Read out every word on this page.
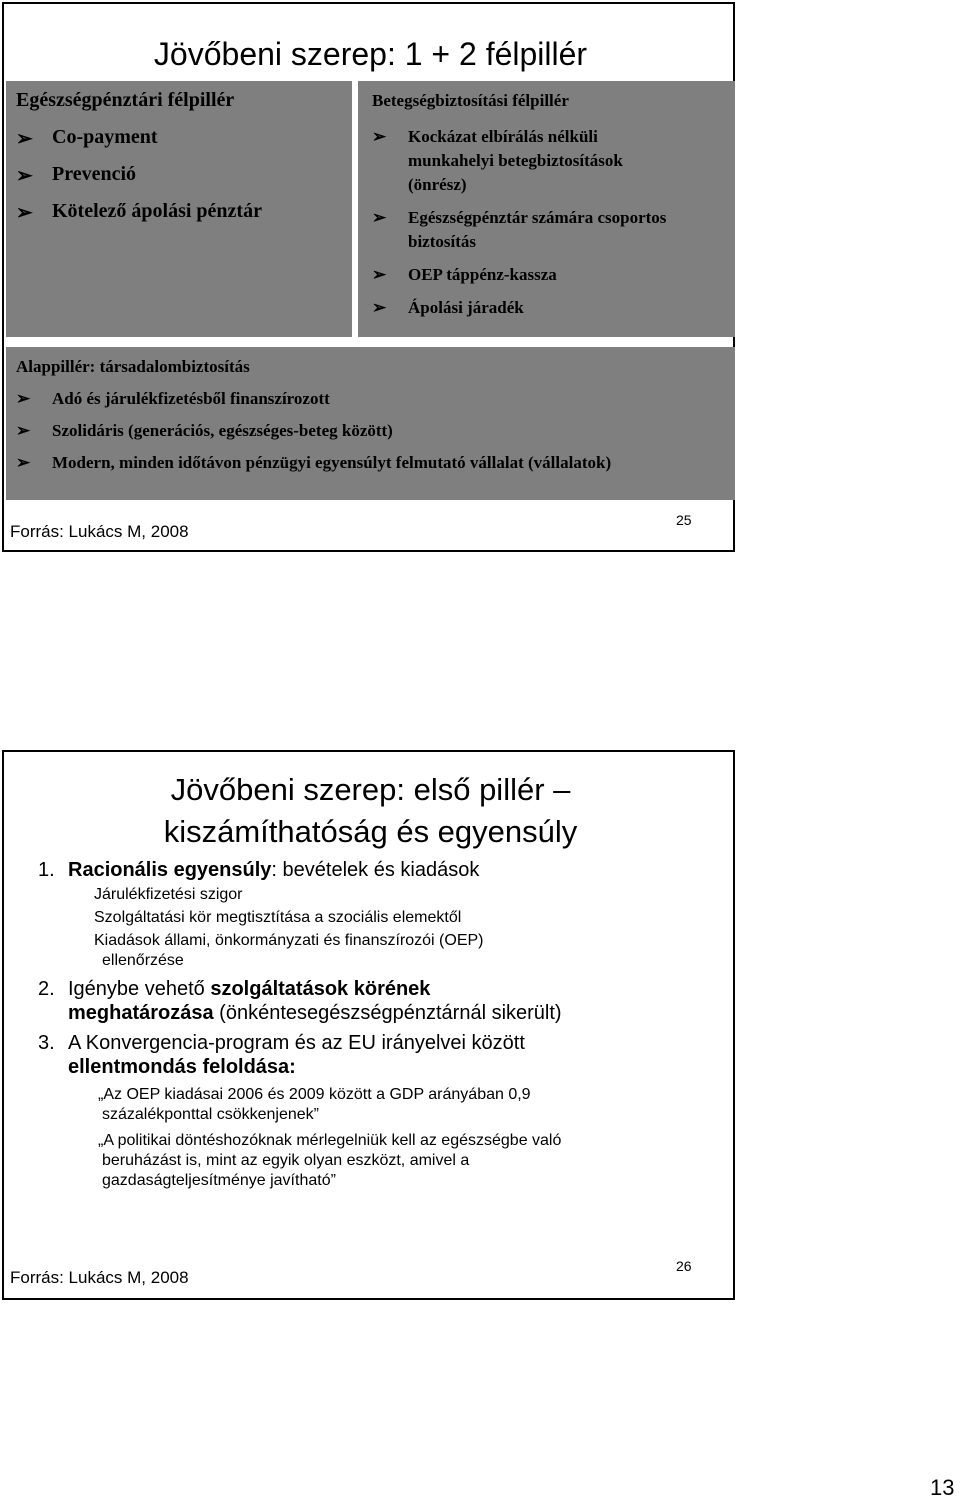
Jövőbeni szerep: 1 + 2 félpillér
Egészségpénztári félpillér
➢ Co-payment
➢ Prevenció
➢ Kötelező ápolási pénztár
Betegségbiztosítási félpillér
➢ Kockázat elbírálás nélküli
munkahelyi betegbiztosítások
(önrész)
➢ Egészségpénztár számára csoportos
biztosítás
➢ OEP táppénz-kassza
➢ Ápolási járadék
Alappillér: társadalombiztosítás
➢ Adó és járulékfizetésből finanszírozott
➢ Szolidáris (generációs, egészséges-beteg között)
➢ Modern, minden időtávon pénzügyi egyensúlyt felmutató vállalat (vállalatok)
Forrás: Lukács M, 2008
25
Jövőbeni szerep: első pillér –
kiszámíthatóság és egyensúly
1. Racionális egyensúly: bevételek és kiadások
Járulékfizetési szigor
Szolgáltatási kör megtisztítása a szociális elemektől
Kiadások állami, önkormányzati és finanszírozói (OEP)
ellenőrzése
2. Igénybe vehető szolgáltatások körének
meghatározása (önkéntesegészségpénztárnál sikerült)
3. A Konvergencia-program és az EU irányelvei között
ellentmondás feloldása:
„Az OEP kiadásai 2006 és 2009 között a GDP arányában 0,9
százalékponttal csökkenjenek”
„A politikai döntéshozóknak mérlegelniük kell az egészségbe való
beruházást is, mint az egyik olyan eszközt, amivel a
gazdaságteljesítménye javítható”
Forrás: Lukács M, 2008
26
13
